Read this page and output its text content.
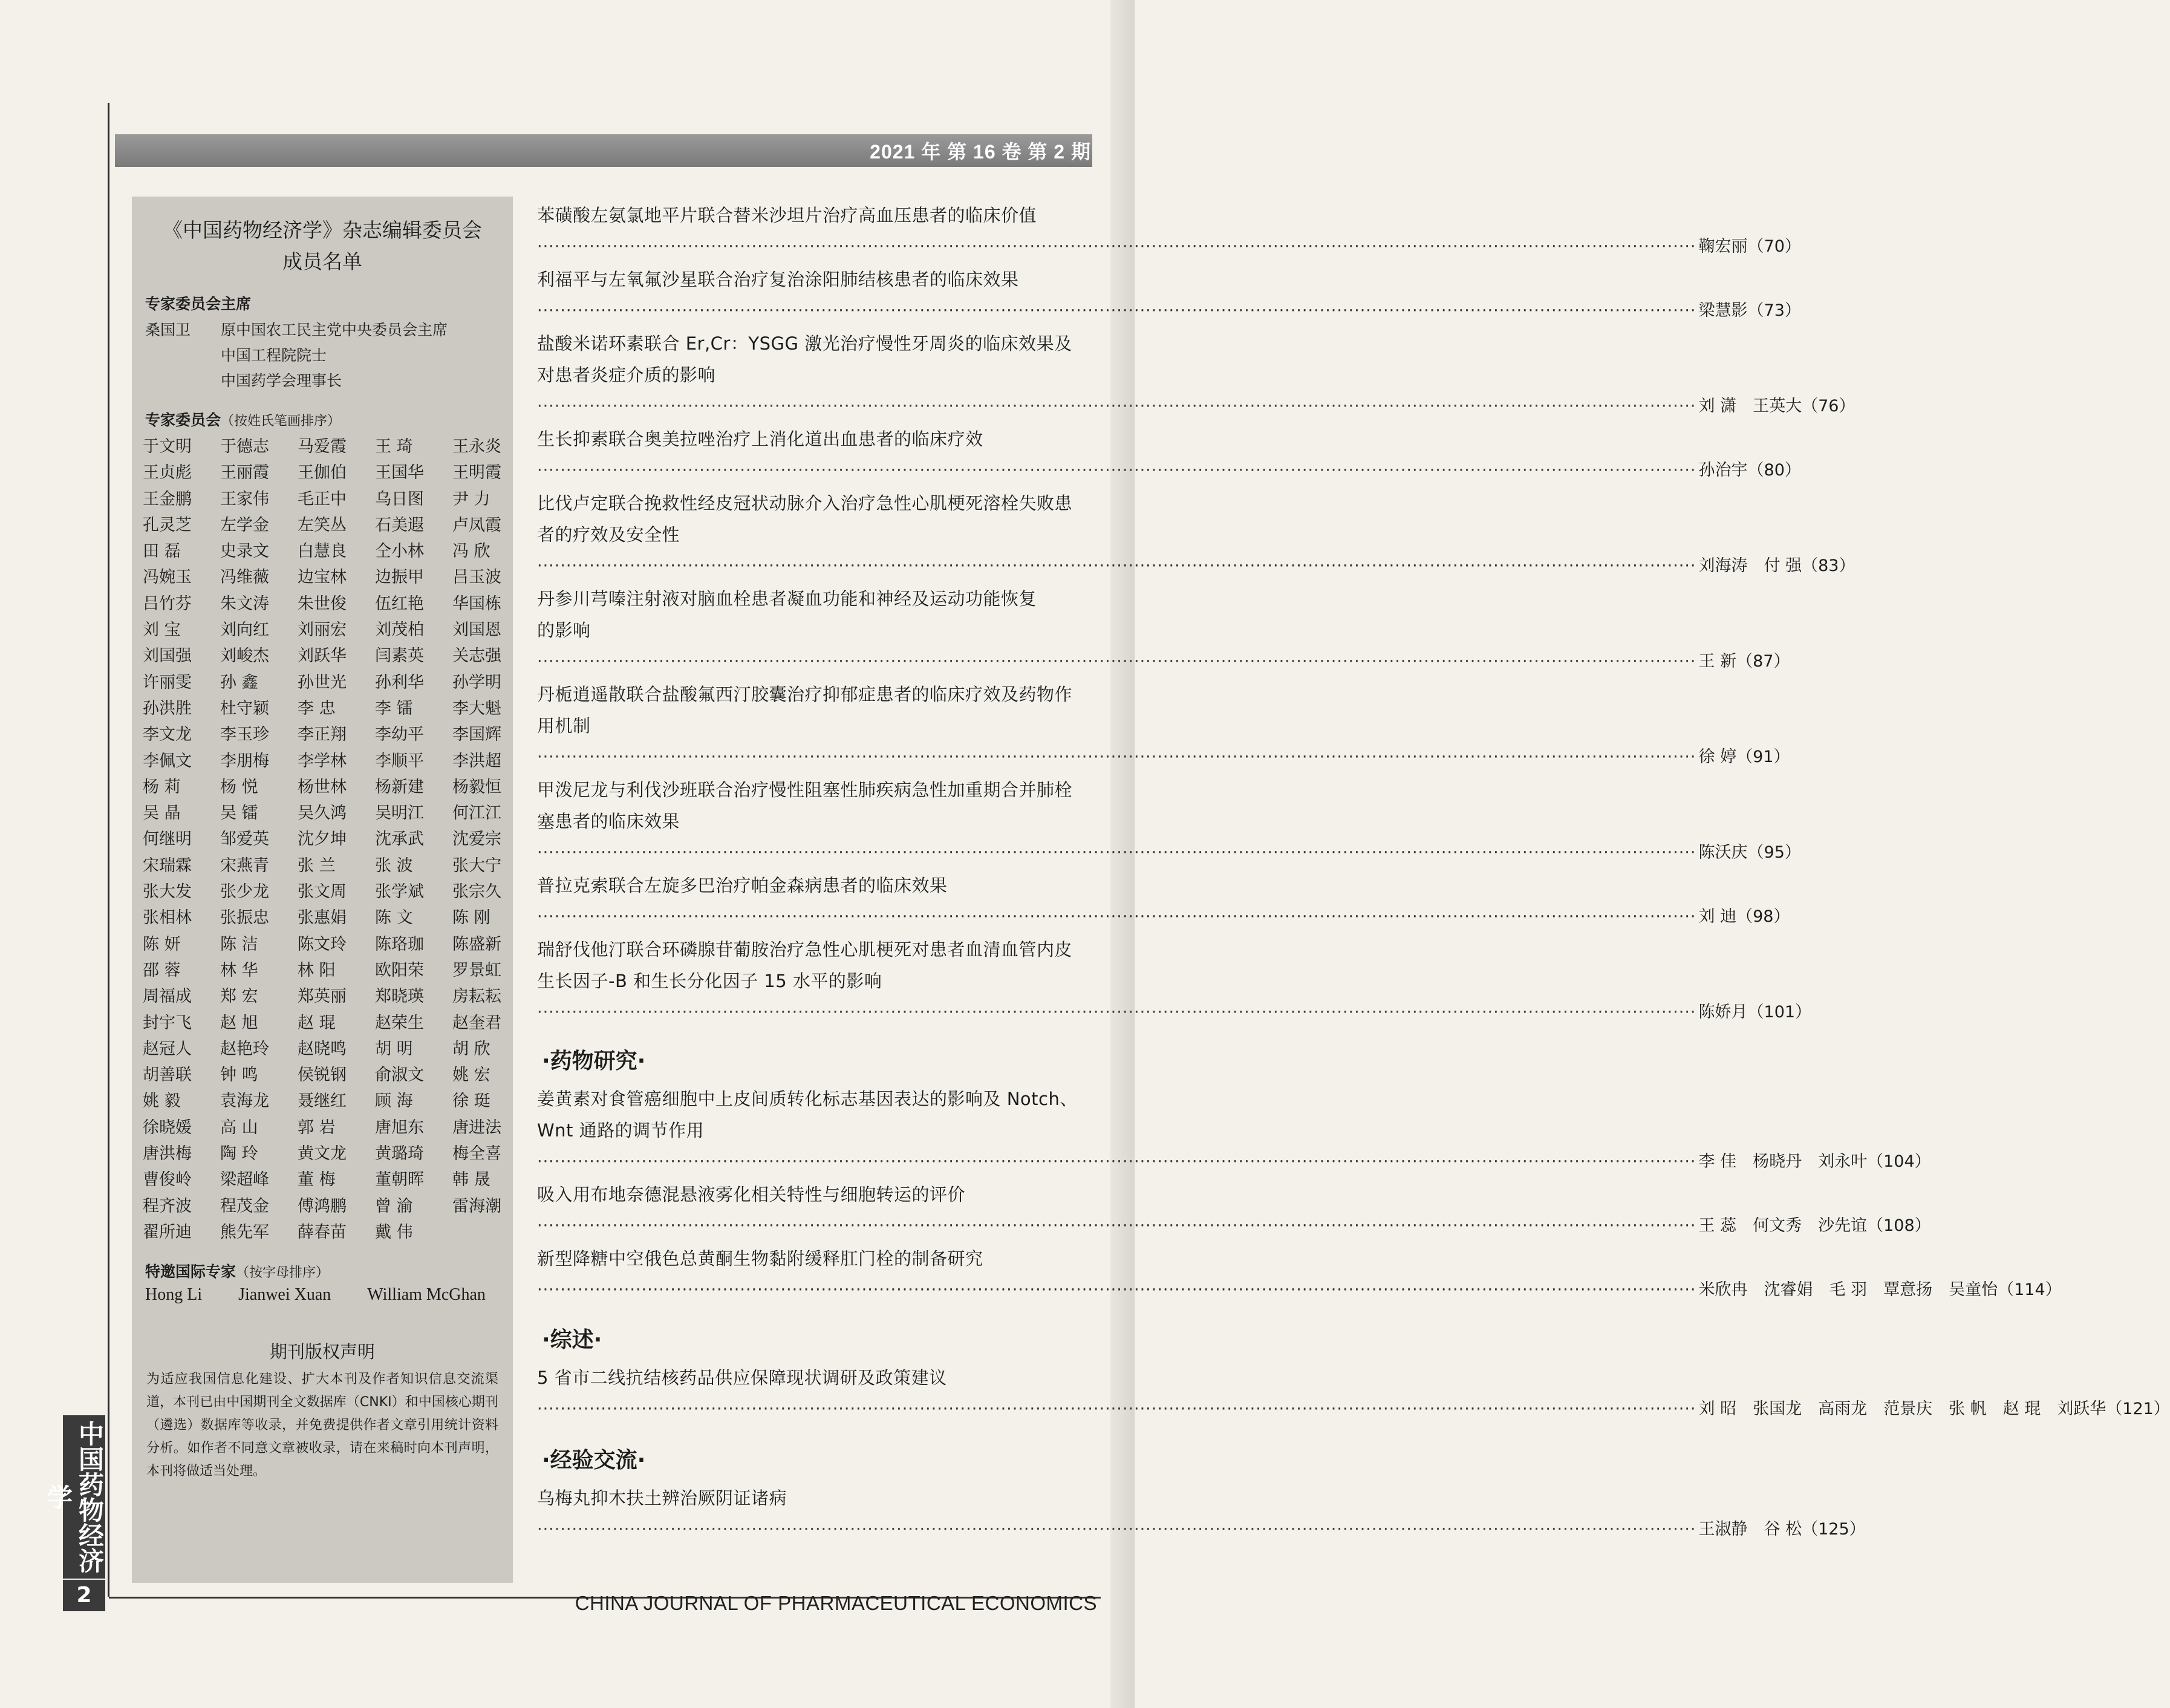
2021 年 第 16 卷 第 2 期
《中国药物经济学》杂志编辑委员会
成员名单
专家委员会主席
桑国卫 原中国农工民主党中央委员会主席
中国工程院院士
中国药学会理事长
专家委员会（按姓氏笔画排序）
于文明	于德志	马爱霞	王 琦	王永炎
王贞彪	王丽霞	王伽伯	王国华	王明霞
王金鹏	王家伟	毛正中	乌日图	尹 力
孔灵芝	左学金	左笑丛	石美遐	卢凤霞
田 磊	史录文	白慧良	仝小林	冯 欣
冯婉玉	冯维薇	边宝林	边振甲	吕玉波
吕竹芬	朱文涛	朱世俊	伍红艳	华国栋
刘 宝	刘向红	刘丽宏	刘茂柏	刘国恩
刘国强	刘峻杰	刘跃华	闫素英	关志强
许丽雯	孙 鑫	孙世光	孙利华	孙学明
孙洪胜	杜守颖	李 忠	李 镭	李大魁
李文龙	李玉珍	李正翔	李幼平	李国辉
李佩文	李朋梅	李学林	李顺平	李洪超
杨 莉	杨 悦	杨世林	杨新建	杨毅恒
吴 晶	吴 镭	吴久鸿	吴明江	何江江
何继明	邹爱英	沈夕坤	沈承武	沈爱宗
宋瑞霖	宋燕青	张 兰	张 波	张大宁
张大发	张少龙	张文周	张学斌	张宗久
张相林	张振忠	张惠娟	陈 文	陈 刚
陈 妍	陈 洁	陈文玲	陈珞珈	陈盛新
邵 蓉	林 华	林 阳	欧阳荣	罗景虹
周福成	郑 宏	郑英丽	郑晓瑛	房耘耘
封宇飞	赵 旭	赵 琨	赵荣生	赵奎君
赵冠人	赵艳玲	赵晓鸣	胡 明	胡 欣
胡善联	钟 鸣	侯锐钢	俞淑文	姚 宏
姚 毅	袁海龙	聂继红	顾 海	徐 珽
徐晓媛	高 山	郭 岩	唐旭东	唐进法
唐洪梅	陶 玲	黄文龙	黄璐琦	梅全喜
曹俊岭	梁超峰	董 梅	董朝晖	韩 晟
程齐波	程茂金	傅鸿鹏	曾 渝	雷海潮
翟所迪	熊先军	薛春苗	戴 伟
特邀国际专家（按字母排序）
Hong Li Jianwei Xuan William McGhan
期刊版权声明
为适应我国信息化建设、扩大本刊及作者知识信息交流渠道，本刊已由中国期刊全文数据库（CNKI）和中国核心期刊（遴选）数据库等收录，并免费提供作者文章引用统计资料分析。如作者不同意文章被收录，请在来稿时向本刊声明，本刊将做适当处理。
中国药物经济学
2	CHINA JOURNAL OF PHARMACEUTICAL ECONOMICS
苯磺酸左氨氯地平片联合替米沙坦片治疗高血压患者的临床价值
········································································································································································································ 鞠宏丽（70）
利福平与左氧氟沙星联合治疗复治涂阳肺结核患者的临床效果
········································································································································································································ 梁慧影（73）
盐酸米诺环素联合 Er,Cr：YSGG 激光治疗慢性牙周炎的临床效果及
对患者炎症介质的影响
········································································································································································································ 刘 潇　王英大（76）
生长抑素联合奥美拉唑治疗上消化道出血患者的临床疗效
········································································································································································································ 孙治宇（80）
比伐卢定联合挽救性经皮冠状动脉介入治疗急性心肌梗死溶栓失败患
者的疗效及安全性
········································································································································································································ 刘海涛　付 强（83）
丹参川芎嗪注射液对脑血栓患者凝血功能和神经及运动功能恢复
的影响
········································································································································································································ 王 新（87）
丹栀逍遥散联合盐酸氟西汀胶囊治疗抑郁症患者的临床疗效及药物作
用机制
········································································································································································································ 徐 婷（91）
甲泼尼龙与利伐沙班联合治疗慢性阻塞性肺疾病急性加重期合并肺栓
塞患者的临床效果
········································································································································································································ 陈沃庆（95）
普拉克索联合左旋多巴治疗帕金森病患者的临床效果
········································································································································································································ 刘 迪（98）
瑞舒伐他汀联合环磷腺苷葡胺治疗急性心肌梗死对患者血清血管内皮
生长因子-B 和生长分化因子 15 水平的影响
········································································································································································································ 陈娇月（101）
·药物研究·
姜黄素对食管癌细胞中上皮间质转化标志基因表达的影响及 Notch、
Wnt 通路的调节作用
········································································································································································································ 李 佳　杨晓丹　刘永叶（104）
吸入用布地奈德混悬液雾化相关特性与细胞转运的评价
········································································································································································································ 王 蕊　何文秀　沙先谊（108）
新型降糖中空俄色总黄酮生物黏附缓释肛门栓的制备研究
········································································································································································································ 米欣冉　沈睿娟　毛 羽　覃意扬　吴童怡（114）
·综述·
5 省市二线抗结核药品供应保障现状调研及政策建议
········································································································································································································ 刘 昭　张国龙　高雨龙　范景庆　张 帆　赵 琨　刘跃华（121）
·经验交流·
乌梅丸抑木扶土辨治厥阴证诸病
········································································································································································································ 王淑静　谷 松（125）
